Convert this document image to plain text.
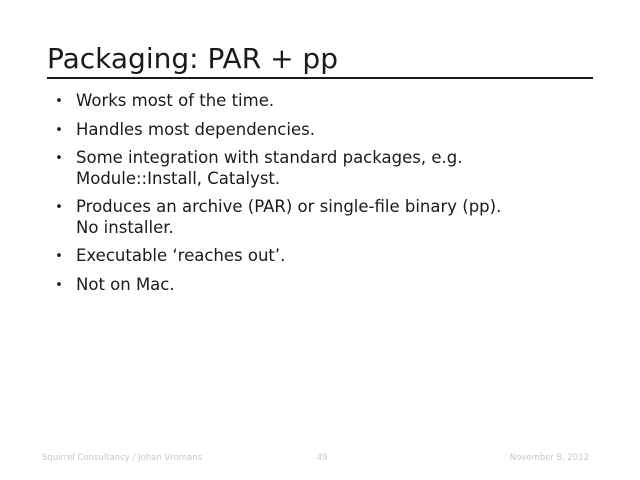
Packaging: PAR + pp
• Works most of the time.
• Handles most dependencies.
• Some integration with standard packages, e.g.
Module::Install, Catalyst.
• Produces an archive (PAR) or single-file binary (pp).
No installer.
• Executable ‘reaches out’.
• Not on Mac.
Squirrel Consultancy / Johan Vromans	49	November 8, 2012
